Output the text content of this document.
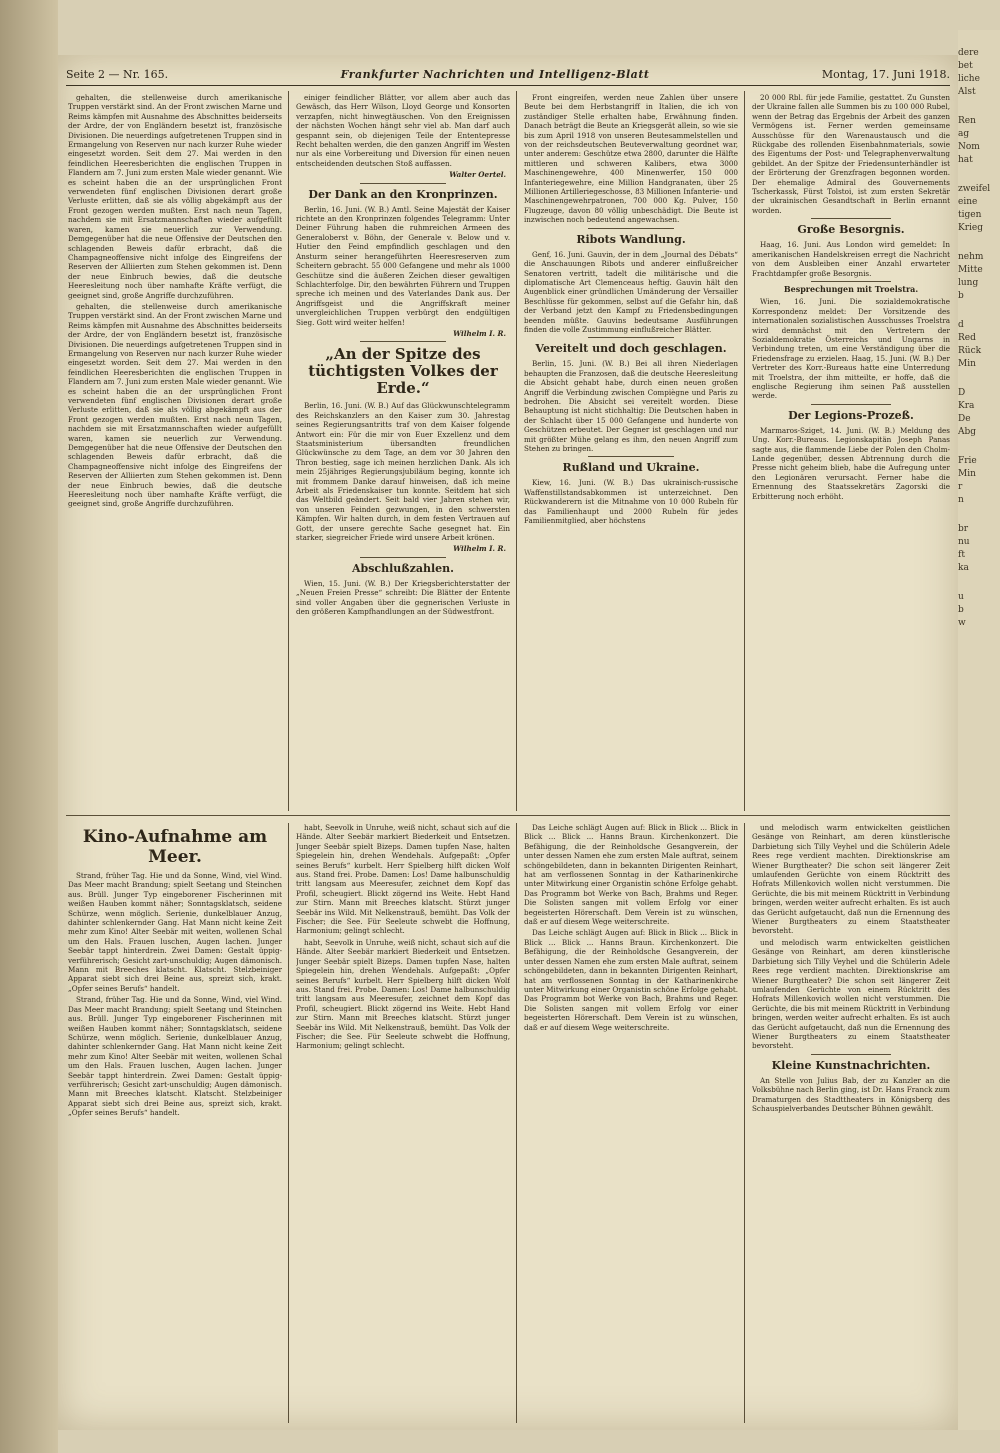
Seite 2 — Nr. 165.	Frankfurter Nachrichten und Intelligenz-Blatt	Montag, 17. Juni 1918.

gehalten, die stellenweise durch amerikanische Truppen verstärkt sind. An der Front zwischen Marne und Reims kämpfen mit Ausnahme des Abschnittes beiderseits der Ardre, der von Engländern besetzt ist, französische Divisionen. Die neuerdings aufgetretenen Truppen sind in Ermangelung von Reserven nur nach kurzer Ruhe wieder eingesetzt worden. Seit dem 27. Mai werden in den feindlichen Heeresberichten die englischen Truppen in Flandern am 7. Juni zum ersten Male wieder genannt. Wie es scheint haben die an der ursprünglichen Front verwendeten fünf englischen Divisionen derart große Verluste erlitten, daß sie als völlig abgekämpft aus der Front gezogen werden mußten. Erst nach neun Tagen, nachdem sie mit Ersatzmannschaften wieder aufgefüllt waren, kamen sie neuerlich zur Verwendung. Demgegenüber hat die neue Offensive der Deutschen den schlagenden Beweis dafür erbracht, daß die Champagneoffensive nicht infolge des Eingreifens der Reserven der Alliierten zum Stehen gekommen ist. Denn der neue Einbruch bewies, daß die deutsche Heeresleitung noch über namhafte Kräfte verfügt, die geeignet sind, große Angriffe durchzuführen.

gehalten, die stellenweise durch amerikanische Truppen verstärkt sind. An der Front zwischen Marne und Reims kämpfen mit Ausnahme des Abschnittes beiderseits der Ardre, der von Engländern besetzt ist, französische Divisionen. Die neuerdings aufgetretenen Truppen sind in Ermangelung von Reserven nur nach kurzer Ruhe wieder eingesetzt worden. Seit dem 27. Mai werden in den feindlichen Heeresberichten die englischen Truppen in Flandern am 7. Juni zum ersten Male wieder genannt. Wie es scheint haben die an der ursprünglichen Front verwendeten fünf englischen Divisionen derart große Verluste erlitten, daß sie als völlig abgekämpft aus der Front gezogen werden mußten. Erst nach neun Tagen, nachdem sie mit Ersatzmannschaften wieder aufgefüllt waren, kamen sie neuerlich zur Verwendung. Demgegenüber hat die neue Offensive der Deutschen den schlagenden Beweis dafür erbracht, daß die Champagneoffensive nicht infolge des Eingreifens der Reserven der Alliierten zum Stehen gekommen ist. Denn der neue Einbruch bewies, daß die deutsche Heeresleitung noch über namhafte Kräfte verfügt, die geeignet sind, große Angriffe durchzuführen.

einiger feindlicher Blätter, vor allem aber auch das Gewäsch, das Herr Wilson, Lloyd George und Konsorten verzapfen, nicht hinwegtäuschen. Von den Ereignissen der nächsten Wochen hängt sehr viel ab. Man darf auch gespannt sein, ob diejenigen Teile der Ententepresse Recht behalten werden, die den ganzen Angriff im Westen nur als eine Vorbereitung und Diversion für einen neuen entscheidenden deutschen Stoß auffassen.

Walter Oertel.
Der Dank an den Kronprinzen.

Berlin, 16. Juni. (W. B.) Amtl. Seine Majestät der Kaiser richtete an den Kronprinzen folgendes Telegramm: Unter Deiner Führung haben die ruhmreichen Armeen des Generaloberst v. Böhn, der Generale v. Below und v. Hutier den Feind empfindlich geschlagen und den Ansturm seiner herangeführten Heeresreserven zum Scheitern gebracht. 55 000 Gefangene und mehr als 1000 Geschütze sind die äußeren Zeichen dieser gewaltigen Schlachterfolge. Dir, den bewährten Führern und Truppen spreche ich meinen und des Vaterlandes Dank aus. Der Angriffsgeist und die Angriffskraft meiner unvergleichlichen Truppen verbürgt den endgültigen Sieg. Gott wird weiter helfen!

Wilhelm I. R.
„An der Spitze des tüchtigsten Volkes der Erde.“

Berlin, 16. Juni. (W. B.) Auf das Glückwunschtelegramm des Reichskanzlers an den Kaiser zum 30. Jahrestag seines Regierungsantritts traf von dem Kaiser folgende Antwort ein: Für die mir von Euer Exzellenz und dem Staatsministerium übersandten freundlichen Glückwünsche zu dem Tage, an dem vor 30 Jahren den Thron bestieg, sage ich meinen herzlichen Dank. Als ich mein 25jähriges Regierungsjubiläum beging, konnte ich mit frommem Danke darauf hinweisen, daß ich meine Arbeit als Friedenskaiser tun konnte. Seitdem hat sich das Weltbild geändert. Seit bald vier Jahren stehen wir, von unseren Feinden gezwungen, in den schwersten Kämpfen. Wir halten durch, in dem festen Vertrauen auf Gott, der unsere gerechte Sache gesegnet hat. Ein starker, siegreicher Friede wird unsere Arbeit krönen.

Wilhelm I. R.
Abschlußzahlen.

Wien, 15. Juni. (W. B.) Der Kriegsberichterstatter der „Neuen Freien Presse“ schreibt: Die Blätter der Entente sind voller Angaben über die gegnerischen Verluste in den größeren Kampfhandlungen an der Südwestfront.

Front eingreifen, werden neue Zahlen über unsere Beute bei dem Herbstangriff in Italien, die ich von zuständiger Stelle erhalten habe, Erwähnung finden. Danach beträgt die Beute an Kriegsgerät allein, so wie sie bis zum April 1918 von unseren Beutesammelstellen und von der reichsdeutschen Beuteverwaltung geordnet war, unter anderem: Geschütze etwa 2800, darunter die Hälfte mittleren und schweren Kalibers, etwa 3000 Maschinengewehre, 400 Minenwerfer, 150 000 Infanteriegewehre, eine Million Handgranaten, über 25 Millionen Artilleriegeschosse, 83 Millionen Infanterie- und Maschinengewehrpatronen, 700 000 Kg. Pulver, 150 Flugzeuge, davon 80 völlig unbeschädigt. Die Beute ist inzwischen noch bedeutend angewachsen.

Ribots Wandlung.

Genf, 16. Juni. Gauvin, der in dem „Journal des Débats“ die Anschauungen Ribots und anderer einflußreicher Senatoren vertritt, tadelt die militärische und die diplomatische Art Clemenceaus heftig. Gauvin hält den Augenblick einer gründlichen Umänderung der Versailler Beschlüsse für gekommen, selbst auf die Gefahr hin, daß der Verband jetzt den Kampf zu Friedensbedingungen beenden müßte. Gauvins bedeutsame Ausführungen finden die volle Zustimmung einflußreicher Blätter.

Vereitelt und doch geschlagen.

Berlin, 15. Juni. (W. B.) Bei all ihren Niederlagen behaupten die Franzosen, daß die deutsche Heeresleitung die Absicht gehabt habe, durch einen neuen großen Angriff die Verbindung zwischen Compiègne und Paris zu bedrohen. Die Absicht sei vereitelt worden. Diese Behauptung ist nicht stichhaltig: Die Deutschen haben in der Schlacht über 15 000 Gefangene und hunderte von Geschützen erbeutet. Der Gegner ist geschlagen und nur mit größter Mühe gelang es ihm, den neuen Angriff zum Stehen zu bringen.

Rußland und Ukraine.

Kiew, 16. Juni. (W. B.) Das ukrainisch-russische Waffenstillstandsabkommen ist unterzeichnet. Den Rückwanderern ist die Mitnahme von 10 000 Rubeln für das Familienhaupt und 2000 Rubeln für jedes Familienmitglied, aber höchstens

20 000 Rbl. für jede Familie, gestattet. Zu Gunsten der Ukraine fallen alle Summen bis zu 100 000 Rubel, wenn der Betrag das Ergebnis der Arbeit des ganzen Vermögens ist. Ferner werden gemeinsame Ausschüsse für den Warenaustausch und die Rückgabe des rollenden Eisenbahnmaterials, sowie des Eigentums der Post- und Telegraphenverwaltung gebildet. An der Spitze der Friedensunterhändler ist der Erörterung der Grenzfragen begonnen worden. Der ehemalige Admiral des Gouvernements Tscherkassk, Fürst Tolstoi, ist zum ersten Sekretär der ukrainischen Gesandtschaft in Berlin ernannt worden.

Große Besorgnis.

Haag, 16. Juni. Aus London wird gemeldet: In amerikanischen Handelskreisen erregt die Nachricht von dem Ausbleiben einer Anzahl erwarteter Frachtdampfer große Besorgnis.

Besprechungen mit Troelstra.

Wien, 16. Juni. Die sozialdemokratische Korrespondenz meldet: Der Vorsitzende des internationalen sozialistischen Ausschusses Troelstra wird demnächst mit den Vertretern der Sozialdemokratie Österreichs und Ungarns in Verbindung treten, um eine Verständigung über die Friedensfrage zu erzielen. Haag, 15. Juni. (W. B.) Der Vertreter des Korr.-Bureaus hatte eine Unterredung mit Troelstra, der ihm mitteilte, er hoffe, daß die englische Regierung ihm seinen Paß ausstellen werde.

Der Legions-Prozeß.

Marmaros-Sziget, 14. Juni. (W. B.) Meldung des Ung. Korr.-Bureaus. Legionskapitän Joseph Panas sagte aus, die flammende Liebe der Polen den Cholm-Lande gegenüber, dessen Abtrennung durch die Presse nicht geheim blieb, habe die Aufregung unter den Legionären verursacht. Ferner habe die Ernennung des Staatssekretärs Zagorski die Erbitterung noch erhöht.

Kino-Aufnahme am Meer.

Strand, früher Tag. Hie und da Sonne, Wind, viel Wind. Das Meer macht Brandung; spielt Seetang und Steinchen aus. Brüll. Junger Typ eingeborener Fischerinnen mit weißen Hauben kommt näher; Sonntagsklatsch, seidene Schürze, wenn möglich. Serienie, dunkelblauer Anzug, dahinter schlenkernder Gang. Hat Mann nicht keine Zeit mehr zum Kino! Alter Seebär mit weiten, wollenen Schal um den Hals. Frauen luschen, Augen lachen. Junger Seebär tappt hinterdrein. Zwei Damen: Gestalt üppig-verführerisch; Gesicht zart-unschuldig; Augen dämonisch. Mann mit Breeches klatscht. Klatscht. Stelzbeiniger Apparat siebt sich drei Beine aus, spreizt sich, krakt. „Opfer seines Berufs“ handelt.

Strand, früher Tag. Hie und da Sonne, Wind, viel Wind. Das Meer macht Brandung; spielt Seetang und Steinchen aus. Brüll. Junger Typ eingeborener Fischerinnen mit weißen Hauben kommt näher; Sonntagsklatsch, seidene Schürze, wenn möglich. Serienie, dunkelblauer Anzug, dahinter schlenkernder Gang. Hat Mann nicht keine Zeit mehr zum Kino! Alter Seebär mit weiten, wollenen Schal um den Hals. Frauen luschen, Augen lachen. Junger Seebär tappt hinterdrein. Zwei Damen: Gestalt üppig-verführerisch; Gesicht zart-unschuldig; Augen dämonisch. Mann mit Breeches klatscht. Klatscht. Stelzbeiniger Apparat siebt sich drei Beine aus, spreizt sich, krakt. „Opfer seines Berufs“ handelt.

habt, Seevolk in Unruhe, weiß nicht, schaut sich auf die Hände. Alter Seebär markiert Biederkeit und Entsetzen. Junger Seebär spielt Bizeps. Damen tupfen Nase, halten Spiegelein hin, drehen Wendehals. Aufgepaßt: „Opfer seines Berufs“ kurbelt. Herr Spielberg hilft dicken Wolf aus. Stand frei. Probe. Damen: Los! Dame halbunschuldig tritt langsam aus Meeresufer, zeichnet dem Kopf das Profil, scheugiert. Blickt zögernd ins Weite. Hebt Hand zur Stirn. Mann mit Breeches klatscht. Stürzt junger Seebär ins Wild. Mit Nelkenstrauß, bemüht. Das Volk der Fischer; die See. Für Seeleute schwebt die Hoffnung, Harmonium; gelingt schlecht.

habt, Seevolk in Unruhe, weiß nicht, schaut sich auf die Hände. Alter Seebär markiert Biederkeit und Entsetzen. Junger Seebär spielt Bizeps. Damen tupfen Nase, halten Spiegelein hin, drehen Wendehals. Aufgepaßt: „Opfer seines Berufs“ kurbelt. Herr Spielberg hilft dicken Wolf aus. Stand frei. Probe. Damen: Los! Dame halbunschuldig tritt langsam aus Meeresufer, zeichnet dem Kopf das Profil, scheugiert. Blickt zögernd ins Weite. Hebt Hand zur Stirn. Mann mit Breeches klatscht. Stürzt junger Seebär ins Wild. Mit Nelkenstrauß, bemüht. Das Volk der Fischer; die See. Für Seeleute schwebt die Hoffnung, Harmonium; gelingt schlecht.

Das Leiche schlägt Augen auf: Blick in Blick ... Blick in Blick ... Blick ... Hanns Braun. Kirchenkonzert. Die Befähigung, die der Reinholdsche Gesangverein, der unter dessen Namen ehe zum ersten Male auftrat, seinem schöngebildeten, dann in bekannten Dirigenten Reinhart, hat am verflossenen Sonntag in der Katharinenkirche unter Mitwirkung einer Organistin schöne Erfolge gehabt. Das Programm bot Werke von Bach, Brahms und Reger. Die Solisten sangen mit vollem Erfolg vor einer begeisterten Hörerschaft. Dem Verein ist zu wünschen, daß er auf diesem Wege weiterschreite.

Das Leiche schlägt Augen auf: Blick in Blick ... Blick in Blick ... Blick ... Hanns Braun. Kirchenkonzert. Die Befähigung, die der Reinholdsche Gesangverein, der unter dessen Namen ehe zum ersten Male auftrat, seinem schöngebildeten, dann in bekannten Dirigenten Reinhart, hat am verflossenen Sonntag in der Katharinenkirche unter Mitwirkung einer Organistin schöne Erfolge gehabt. Das Programm bot Werke von Bach, Brahms und Reger. Die Solisten sangen mit vollem Erfolg vor einer begeisterten Hörerschaft. Dem Verein ist zu wünschen, daß er auf diesem Wege weiterschreite.

und melodisch warm entwickelten geistlichen Gesänge von Reinhart, am deren künstlerische Darbietung sich Tilly Veyhel und die Schülerin Adele Rees rege verdient machten. Direktionskrise am Wiener Burgtheater? Die schon seit längerer Zeit umlaufenden Gerüchte von einem Rücktritt des Hofrats Millenkovich wollen nicht verstummen. Die Gerüchte, die bis mit meinem Rücktritt in Verbindung bringen, werden weiter aufrecht erhalten. Es ist auch das Gerücht aufgetaucht, daß nun die Ernennung des Wiener Burgtheaters zu einem Staatstheater bevorsteht.

und melodisch warm entwickelten geistlichen Gesänge von Reinhart, am deren künstlerische Darbietung sich Tilly Veyhel und die Schülerin Adele Rees rege verdient machten. Direktionskrise am Wiener Burgtheater? Die schon seit längerer Zeit umlaufenden Gerüchte von einem Rücktritt des Hofrats Millenkovich wollen nicht verstummen. Die Gerüchte, die bis mit meinem Rücktritt in Verbindung bringen, werden weiter aufrecht erhalten. Es ist auch das Gerücht aufgetaucht, daß nun die Ernennung des Wiener Burgtheaters zu einem Staatstheater bevorsteht.

Kleine Kunstnachrichten.

An Stelle von Julius Bab, der zu Kanzler an die Volksbühne nach Berlin ging, ist Dr. Hans Franck zum Dramaturgen des Stadttheaters in Königsberg des Schauspielverbandes Deutscher Bühnen gewählt.

dere
bet
liche
Alst
Ren
ag
Nom
hat
zweifel
eine
tigen
Krieg
nehm
Mitte
lung
b
d
Red
Rück
Min
D
Kra
De
Abg
Frie
Min
r
n
br
nu
ft
ka
u
b
w
